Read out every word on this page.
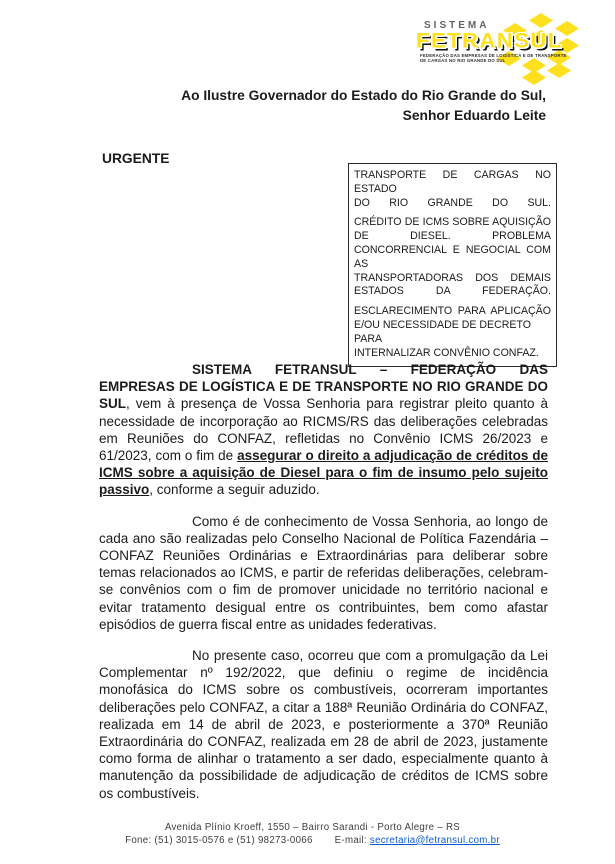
SISTEMA
FETRANSUL
FEDERAÇÃO DAS EMPRESAS DE LOGÍSTICA E DE TRANSPORTE
DE CARGAS NO RIO GRANDE DO SUL
Ao Ilustre Governador do Estado do Rio Grande do Sul,
Senhor Eduardo Leite
URGENTE
TRANSPORTE DE CARGAS NO ESTADO
DO RIO GRANDE DO SUL.
CRÉDITO DE ICMS SOBRE AQUISIÇÃO
DE DIESEL. PROBLEMA
CONCORRENCIAL E NEGOCIAL COM AS
TRANSPORTADORAS DOS DEMAIS
ESTADOS DA FEDERAÇÃO.
ESCLARECIMENTO PARA APLICAÇÃO
E/OU NECESSIDADE DE DECRETO PARA
INTERNALIZAR CONVÊNIO CONFAZ.

SISTEMA FETRANSUL – FEDERAÇÃO DAS EMPRESAS DE LOGÍSTICA E DE TRANSPORTE NO RIO GRANDE DO SUL, vem à presença de Vossa Senhoria para registrar pleito quanto à necessidade de incorporação ao RICMS/RS das deliberações celebradas em Reuniões do CONFAZ, refletidas no Convênio ICMS 26/2023 e 61/2023, com o fim de assegurar o direito a adjudicação de créditos de ICMS sobre a aquisição de Diesel para o fim de insumo pelo sujeito passivo, conforme a seguir aduzido.

Como é de conhecimento de Vossa Senhoria, ao longo de cada ano são realizadas pelo Conselho Nacional de Política Fazendária – CONFAZ Reuniões Ordinárias e Extraordinárias para deliberar sobre temas relacionados ao ICMS, e partir de referidas deliberações, celebram-se convênios com o fim de promover unicidade no território nacional e evitar tratamento desigual entre os contribuintes, bem como afastar episódios de guerra fiscal entre as unidades federativas.

No presente caso, ocorreu que com a promulgação da Lei Complementar nº 192/2022, que definiu o regime de incidência monofásica do ICMS sobre os combustíveis, ocorreram importantes deliberações pelo CONFAZ, a citar a 188ª Reunião Ordinária do CONFAZ, realizada em 14 de abril de 2023, e posteriormente a 370ª Reunião Extraordinária do CONFAZ, realizada em 28 de abril de 2023, justamente como forma de alinhar o tratamento a ser dado, especialmente quanto à manutenção da possibilidade de adjudicação de créditos de ICMS sobre os combustíveis.

Avenida Plínio Kroeff, 1550 – Bairro Sarandi - Porto Alegre – RS
Fone: (51) 3015-0576 e (51) 98273-0066 E-mail: secretaria@fetransul.com.br
